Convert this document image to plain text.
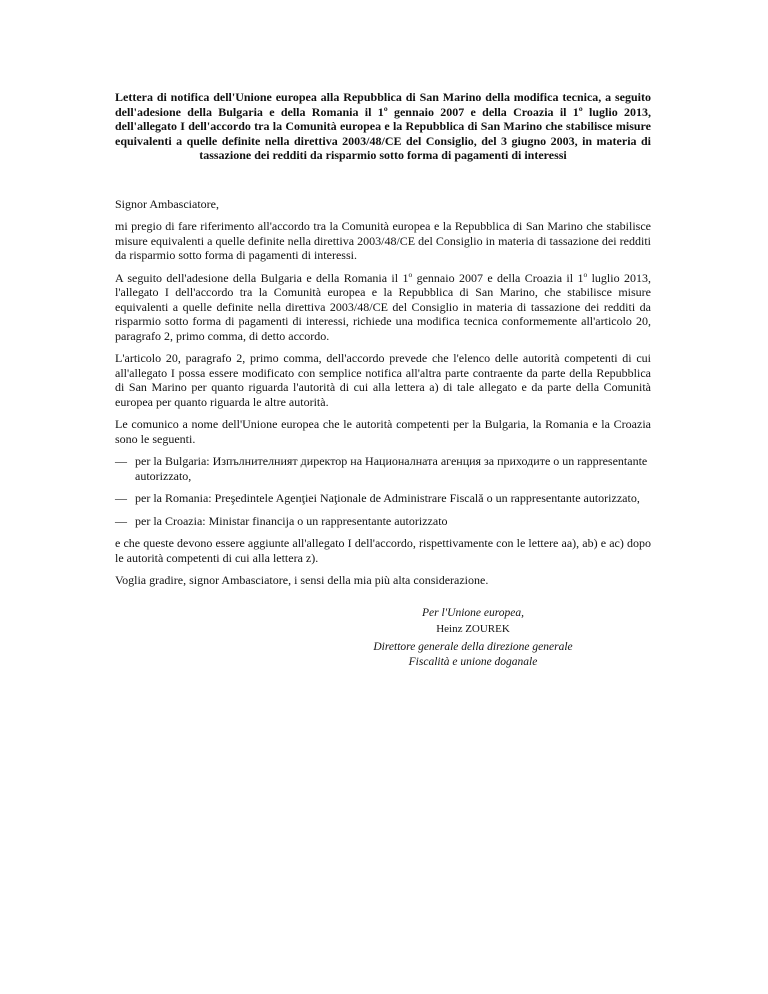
Lettera di notifica dell'Unione europea alla Repubblica di San Marino della modifica tecnica, a seguito dell'adesione della Bulgaria e della Romania il 1º gennaio 2007 e della Croazia il 1º luglio 2013, dell'allegato I dell'accordo tra la Comunità europea e la Repubblica di San Marino che stabilisce misure equivalenti a quelle definite nella direttiva 2003/48/CE del Consiglio, del 3 giugno 2003, in materia di tassazione dei redditi da risparmio sotto forma di pagamenti di interessi

Signor Ambasciatore,

mi pregio di fare riferimento all'accordo tra la Comunità europea e la Repubblica di San Marino che stabilisce misure equivalenti a quelle definite nella direttiva 2003/48/CE del Consiglio in materia di tassazione dei redditi da risparmio sotto forma di pagamenti di interessi.

A seguito dell'adesione della Bulgaria e della Romania il 1$^o$ gennaio 2007 e della Croazia il 1$^o$ luglio 2013, l'allegato I dell'accordo tra la Comunità europea e la Repubblica di San Marino, che stabilisce misure equivalenti a quelle definite nella direttiva 2003/48/CE del Consiglio in materia di tassazione dei redditi da risparmio sotto forma di pagamenti di interessi, richiede una modifica tecnica conformemente all'articolo 20, paragrafo 2, primo comma, di detto accordo.

L'articolo 20, paragrafo 2, primo comma, dell'accordo prevede che l'elenco delle autorità competenti di cui all'allegato I possa essere modificato con semplice notifica all'altra parte contraente da parte della Repubblica di San Marino per quanto riguarda l'autorità di cui alla lettera a) di tale allegato e da parte della Comunità europea per quanto riguarda le altre autorità.

Le comunico a nome dell'Unione europea che le autorità competenti per la Bulgaria, la Romania e la Croazia sono le seguenti.

— per la Bulgaria: Изпълнителният директор на Националната агенция за приходите o un rappresentante autorizzato,
— per la Romania: Preşedintele Agenţiei Naţionale de Administrare Fiscală o un rappresentante autorizzato,
— per la Croazia: Ministar financija o un rappresentante autorizzato

e che queste devono essere aggiunte all'allegato I dell'accordo, rispettivamente con le lettere aa), ab) e ac) dopo le autorità competenti di cui alla lettera z).

Voglia gradire, signor Ambasciatore, i sensi della mia più alta considerazione.

Per l'Unione europea,
Heinz ZOUREK
Direttore generale della direzione generale Fiscalità e unione doganale
